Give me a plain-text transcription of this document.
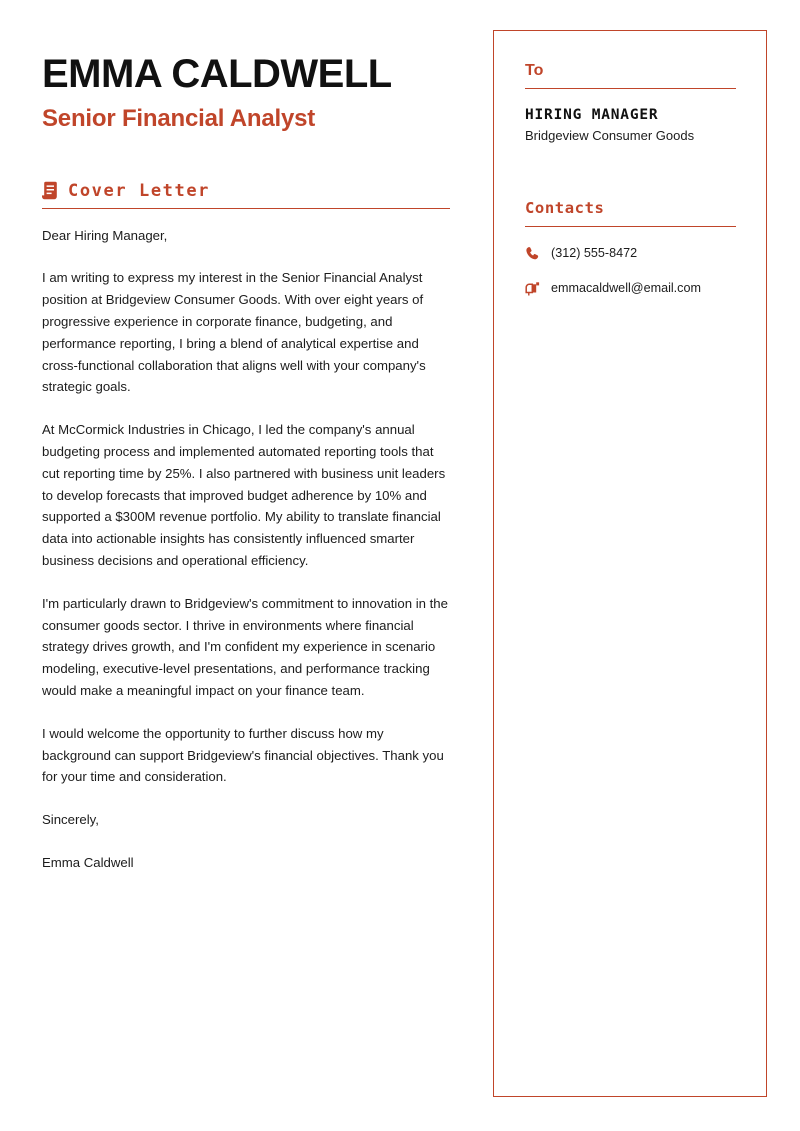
EMMA CALDWELL
Senior Financial Analyst
Cover Letter

Dear Hiring Manager,

I am writing to express my interest in the Senior Financial Analyst position at Bridgeview Consumer Goods. With over eight years of progressive experience in corporate finance, budgeting, and performance reporting, I bring a blend of analytical expertise and cross-functional collaboration that aligns well with your company's strategic goals.

At McCormick Industries in Chicago, I led the company's annual budgeting process and implemented automated reporting tools that cut reporting time by 25%. I also partnered with business unit leaders to develop forecasts that improved budget adherence by 10% and supported a $300M revenue portfolio. My ability to translate financial data into actionable insights has consistently influenced smarter business decisions and operational efficiency.

I'm particularly drawn to Bridgeview's commitment to innovation in the consumer goods sector. I thrive in environments where financial strategy drives growth, and I'm confident my experience in scenario modeling, executive-level presentations, and performance tracking would make a meaningful impact on your finance team.

I would welcome the opportunity to further discuss how my background can support Bridgeview's financial objectives. Thank you for your time and consideration.

Sincerely,

Emma Caldwell

To
HIRING MANAGER
Bridgeview Consumer Goods
Contacts
(312) 555-8472
emmacaldwell@email.com
